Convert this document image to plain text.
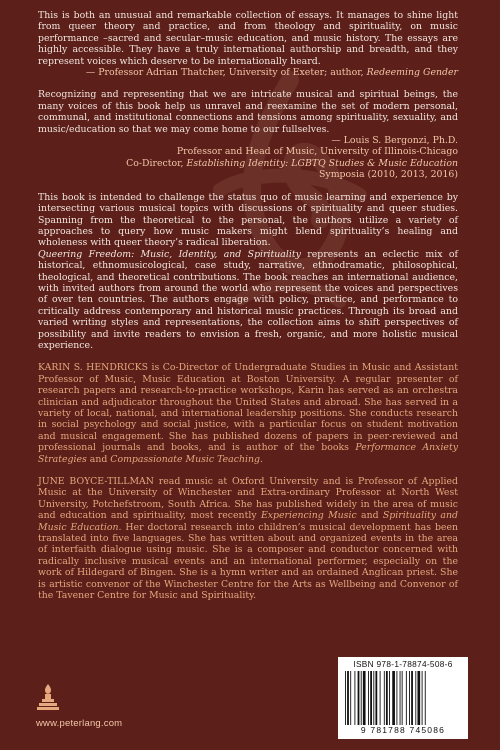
This is both an unusual and remarkable collection of essays. It manages to shine light from queer theory and practice, and from theology and spirituality, on music performance –sacred and secular–music education, and music history. The essays are highly accessible. They have a truly international authorship and breadth, and they represent voices which deserve to be internationally heard.

— Professor Adrian Thatcher, University of Exeter; author, Redeeming Gender

Recognizing and representing that we are intricate musical and spiritual beings, the many voices of this book help us unravel and reexamine the set of modern personal, communal, and institutional connections and tensions among spirituality, sexuality, and music/education so that we may come home to our fullselves.

— Louis S. Bergonzi, Ph.D.

Professor and Head of Music, University of Illinois-Chicago

Co-Director, Establishing Identity: LGBTQ Studies & Music Education

Symposia (2010, 2013, 2016)

This book is intended to challenge the status quo of music learning and experience by intersecting various musical topics with discussions of spirituality and queer studies. Spanning from the theoretical to the personal, the authors utilize a variety of approaches to query how music makers might blend spirituality’s healing and wholeness with queer theory’s radical liberation.

Queering Freedom: Music, Identity, and Spirituality represents an eclectic mix of historical, ethnomusicological, case study, narrative, ethnodramatic, philosophical, theological, and theoretical contributions. The book reaches an international audience, with invited authors from around the world who represent the voices and perspectives of over ten countries. The authors engage with policy, practice, and performance to critically address contemporary and historical music practices. Through its broad and varied writing styles and representations, the collection aims to shift perspectives of possibility and invite readers to envision a fresh, organic, and more holistic musical experience.

KARIN S. HENDRICKS is Co-Director of Undergraduate Studies in Music and Assistant Professor of Music, Music Education at Boston University. A regular presenter of research papers and research-to-practice workshops, Karin has served as an orchestra clinician and adjudicator throughout the United States and abroad. She has served in a variety of local, national, and international leadership positions. She conducts research in social psychology and social justice, with a particular focus on student motivation and musical engagement. She has published dozens of papers in peer-reviewed and professional journals and books, and is author of the books Performance Anxiety Strategies and Compassionate Music Teaching.

JUNE BOYCE-TILLMAN read music at Oxford University and is Professor of Applied Music at the University of Winchester and Extra-ordinary Professor at North West University, Potchefstroom, South Africa. She has published widely in the area of music and education and spirituality, most recently Experiencing Music and Spirituality and Music Education. Her doctoral research into children’s musical development has been translated into five languages. She has written about and organized events in the area of interfaith dialogue using music. She is a composer and conductor concerned with radically inclusive musical events and an international performer, especially on the work of Hildegard of Bingen. She is a hymn writer and an ordained Anglican priest. She is artistic convenor of the Winchester Centre for the Arts as Wellbeing and Convenor of the Tavener Centre for Music and Spirituality.

www.peterlang.com
ISBN 978-1-78874-508-6
9 781788 745086
